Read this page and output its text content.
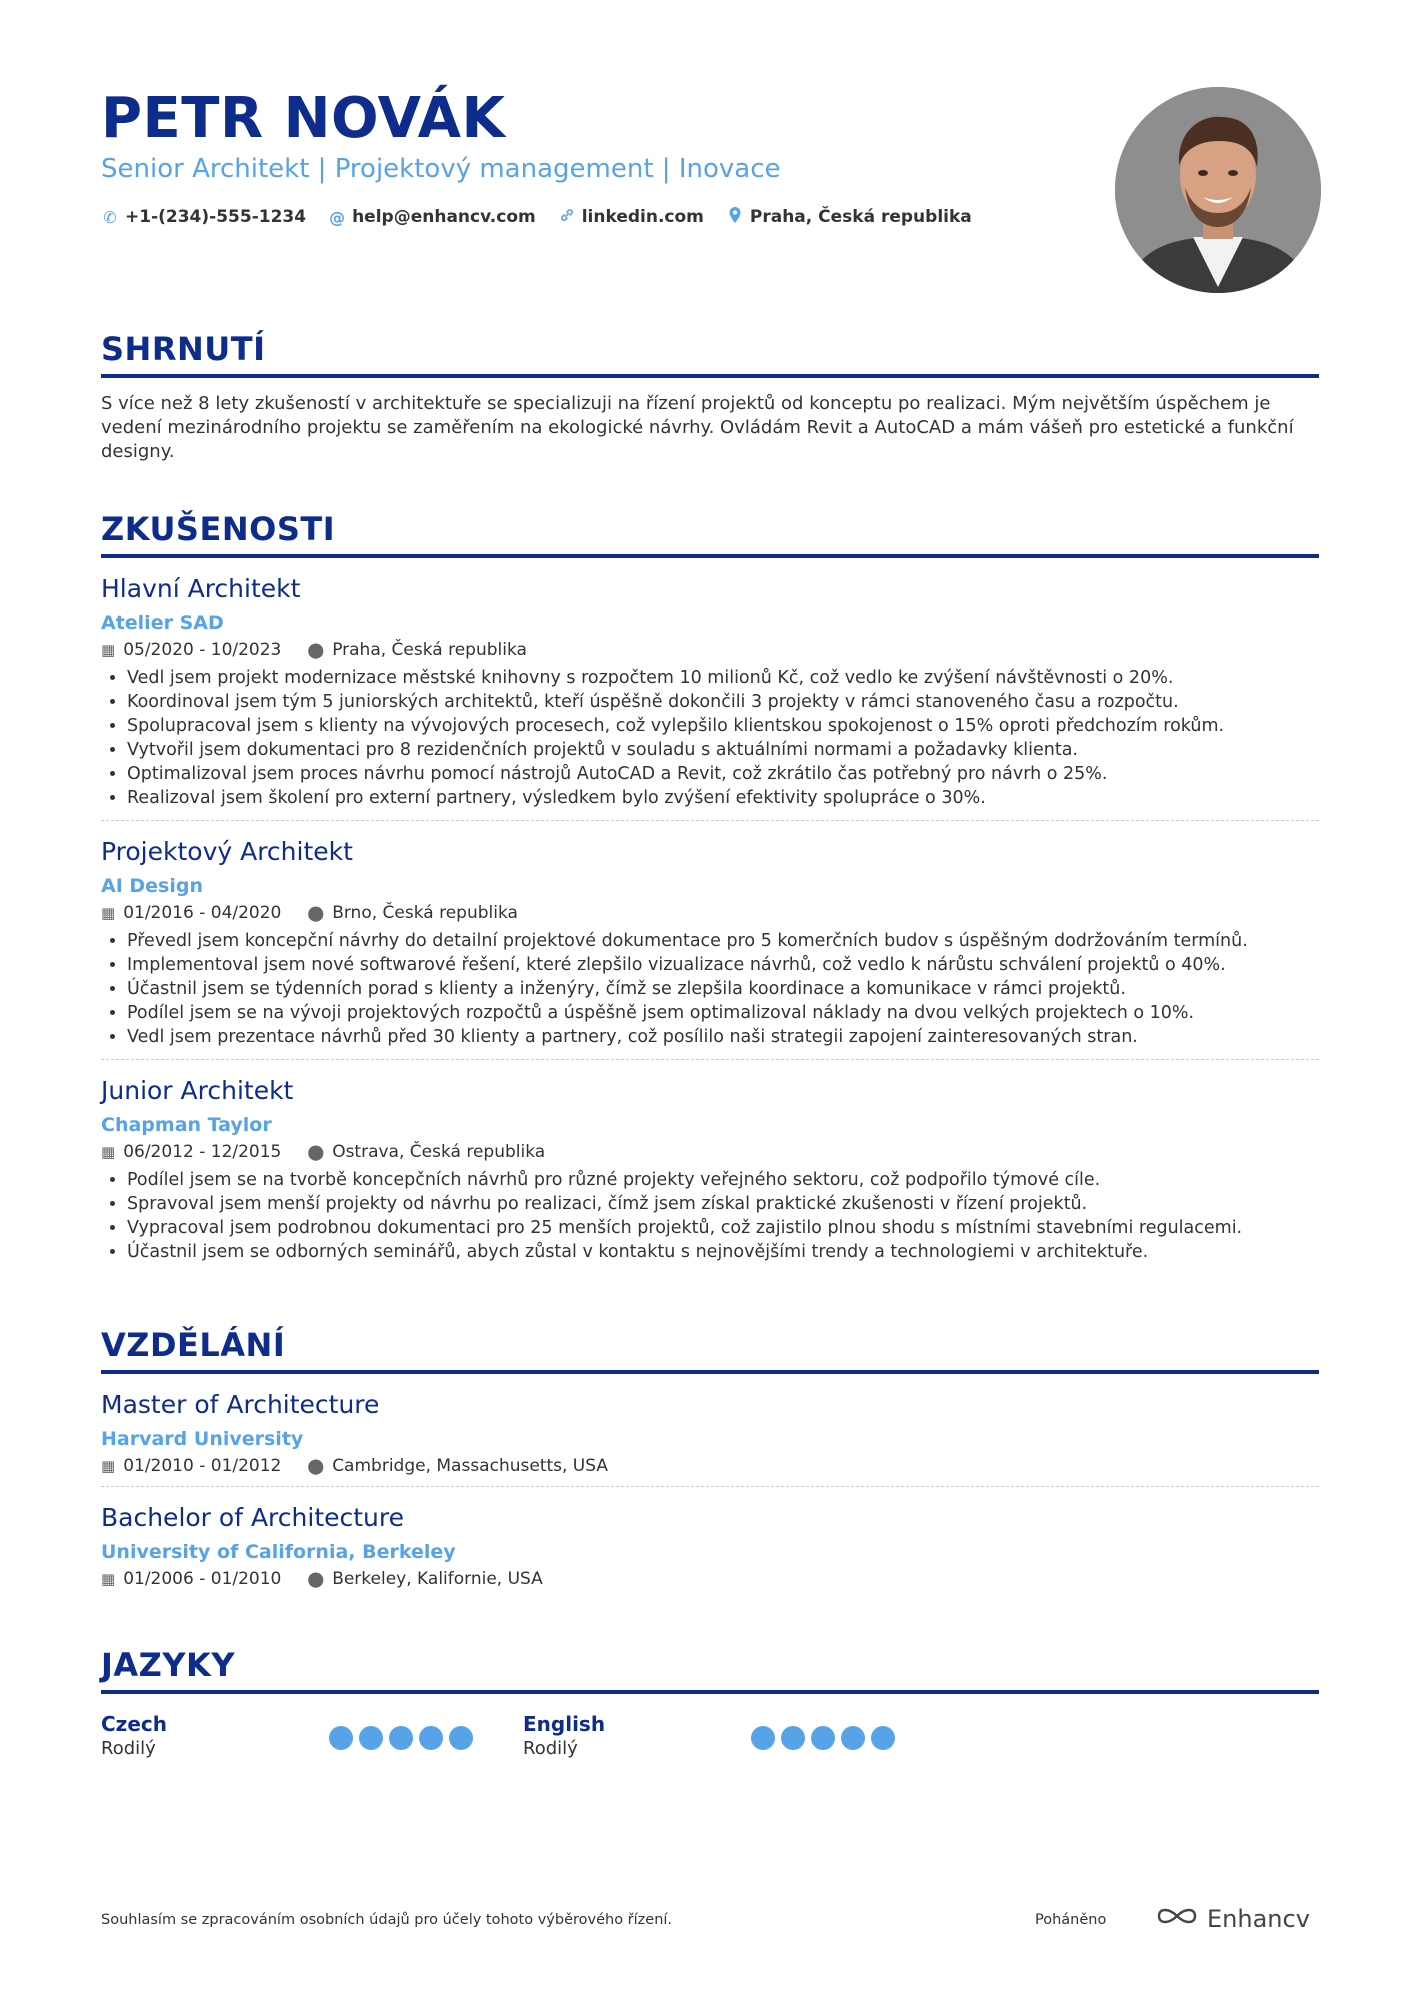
PETR NOVÁK
Senior Architekt | Projektový management | Inovace
✆ +1-(234)-555-1234 @ help@enhancv.com	linkedin.com	Praha, Česká republika
SHRNUTÍ

S více než 8 lety zkušeností v architektuře se specializuji na řízení projektů od konceptu po realizaci. Mým největším úspěchem je vedení mezinárodního projektu se zaměřením na ekologické návrhy. Ovládám Revit a AutoCAD a mám vášeň pro estetické a funkční designy.

ZKUŠENOSTI
Hlavní Architekt
Atelier SAD
▦ 05/2020 - 10/2023 ⬤ Praha, Česká republika
• Vedl jsem projekt modernizace městské knihovny s rozpočtem 10 milionů Kč, což vedlo ke zvýšení návštěvnosti o 20%.
• Koordinoval jsem tým 5 juniorských architektů, kteří úspěšně dokončili 3 projekty v rámci stanoveného času a rozpočtu.
• Spolupracoval jsem s klienty na vývojových procesech, což vylepšilo klientskou spokojenost o 15% oproti předchozím rokům.
• Vytvořil jsem dokumentaci pro 8 rezidenčních projektů v souladu s aktuálními normami a požadavky klienta.
• Optimalizoval jsem proces návrhu pomocí nástrojů AutoCAD a Revit, což zkrátilo čas potřebný pro návrh o 25%.
• Realizoval jsem školení pro externí partnery, výsledkem bylo zvýšení efektivity spolupráce o 30%.
Projektový Architekt
AI Design
▦ 01/2016 - 04/2020 ⬤ Brno, Česká republika
• Převedl jsem koncepční návrhy do detailní projektové dokumentace pro 5 komerčních budov s úspěšným dodržováním termínů.
• Implementoval jsem nové softwarové řešení, které zlepšilo vizualizace návrhů, což vedlo k nárůstu schválení projektů o 40%.
• Účastnil jsem se týdenních porad s klienty a inženýry, čímž se zlepšila koordinace a komunikace v rámci projektů.
• Podílel jsem se na vývoji projektových rozpočtů a úspěšně jsem optimalizoval náklady na dvou velkých projektech o 10%.
• Vedl jsem prezentace návrhů před 30 klienty a partnery, což posílilo naši strategii zapojení zainteresovaných stran.
Junior Architekt
Chapman Taylor
▦ 06/2012 - 12/2015 ⬤ Ostrava, Česká republika
• Podílel jsem se na tvorbě koncepčních návrhů pro různé projekty veřejného sektoru, což podpořilo týmové cíle.
• Spravoval jsem menší projekty od návrhu po realizaci, čímž jsem získal praktické zkušenosti v řízení projektů.
• Vypracoval jsem podrobnou dokumentaci pro 25 menších projektů, což zajistilo plnou shodu s místními stavebními regulacemi.
• Účastnil jsem se odborných seminářů, abych zůstal v kontaktu s nejnovějšími trendy a technologiemi v architektuře.
VZDĚLÁNÍ
Master of Architecture
Harvard University
▦ 01/2010 - 01/2012 ⬤ Cambridge, Massachusetts, USA
Bachelor of Architecture
University of California, Berkeley
▦ 01/2006 - 01/2010 ⬤ Berkeley, Kalifornie, USA
JAZYKY
Czech
Rodilý
English
Rodilý
Souhlasím se zpracováním osobních údajů pro účely tohoto výběrového řízení.	Poháněno	Enhancv
